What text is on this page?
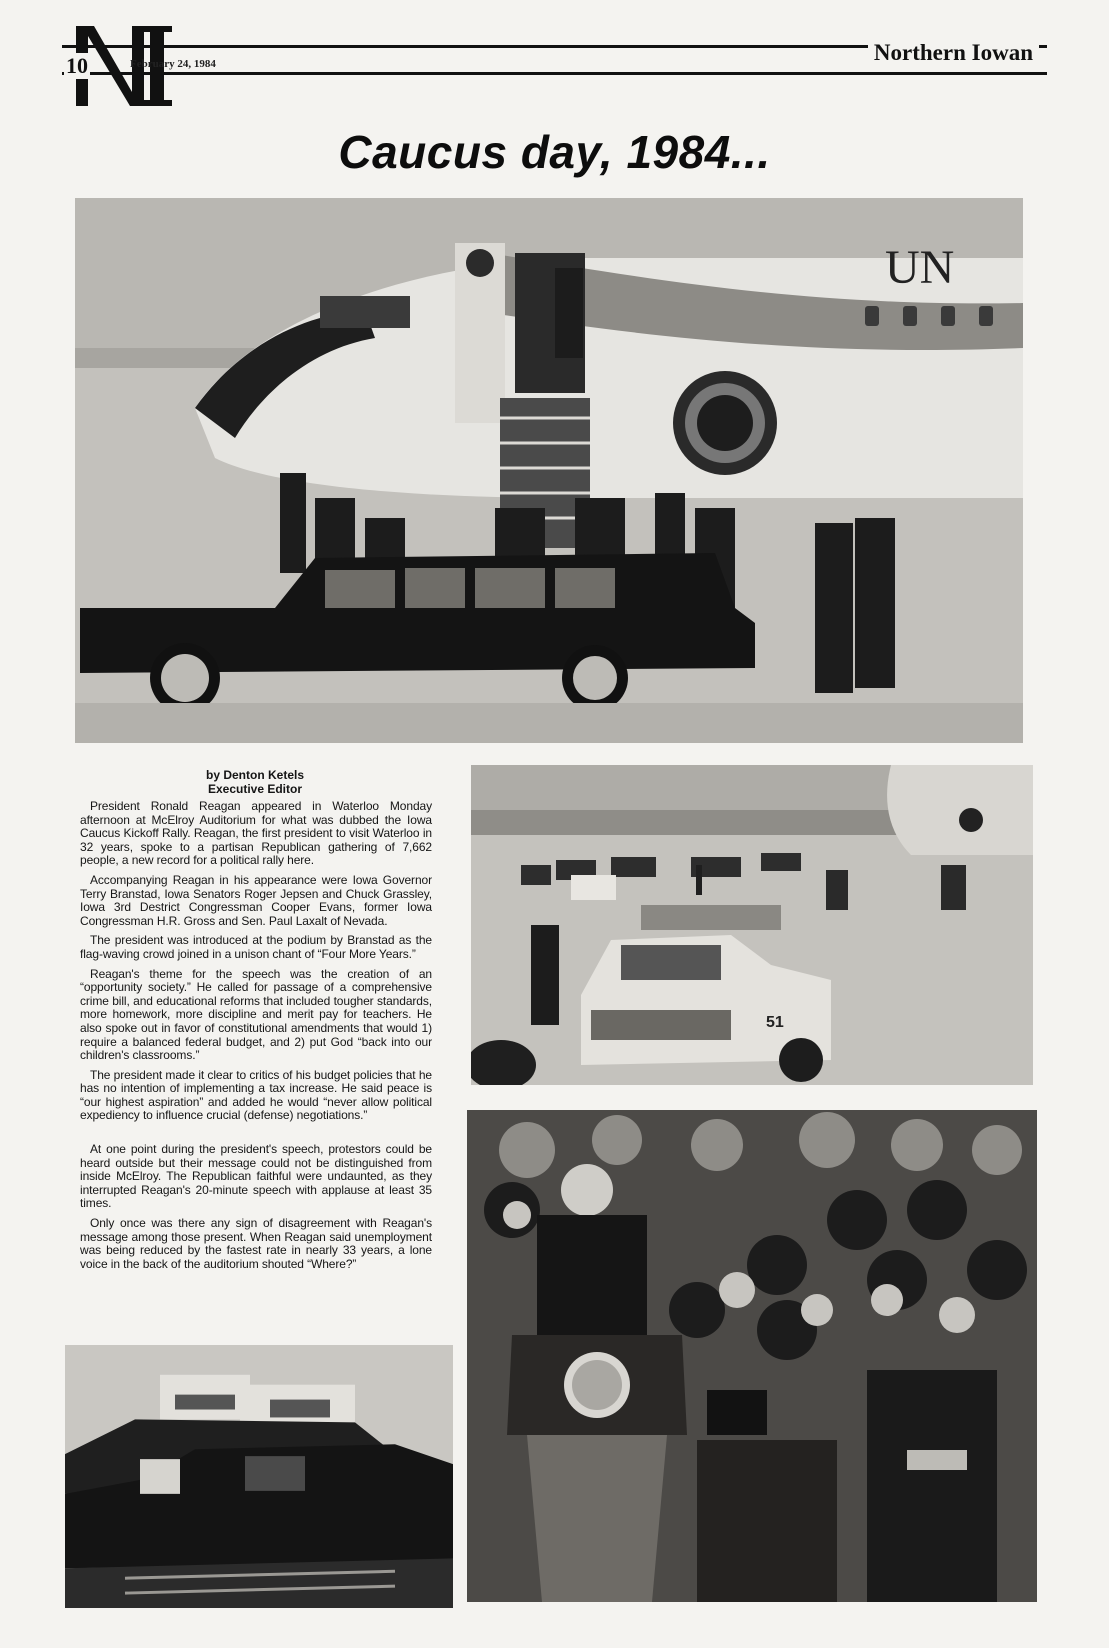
10	February 24, 1984	Northern Iowan
Caucus day, 1984...
UN
by Denton Ketels
Executive Editor

President Ronald Reagan appeared in Waterloo Monday afternoon at McElroy Auditorium for what was dubbed the Iowa Caucus Kickoff Rally. Reagan, the first president to visit Waterloo in 32 years, spoke to a partisan Republican gathering of 7,662 people, a new record for a political rally here.

Accompanying Reagan in his appearance were Iowa Governor Terry Branstad, Iowa Senators Roger Jepsen and Chuck Grassley, Iowa 3rd Destrict Congressman Cooper Evans, former Iowa Congressman H.R. Gross and Sen. Paul Laxalt of Nevada.

The president was introduced at the podium by Branstad as the flag-waving crowd joined in a unison chant of “Four More Years.”

Reagan's theme for the speech was the creation of an “opportunity society.” He called for passage of a comprehensive crime bill, and educational reforms that included tougher standards, more homework, more discipline and merit pay for teachers. He also spoke out in favor of constitutional amendments that would 1) require a balanced federal budget, and 2) put God “back into our children's classrooms.”

The president made it clear to critics of his budget policies that he has no intention of implementing a tax increase. He said peace is “our highest aspiration” and added he would “never allow political expediency to influence crucial (defense) negotiations.”

At one point during the president's speech, protestors could be heard outside but their message could not be distinguished from inside McElroy. The Republican faithful were undaunted, as they interrupted Reagan's 20-minute speech with applause at least 35 times.

Only once was there any sign of disagreement with Reagan's message among those present. When Reagan said unemployment was being reduced by the fastest rate in nearly 33 years, a lone voice in the back of the auditorium shouted “Where?”

51
